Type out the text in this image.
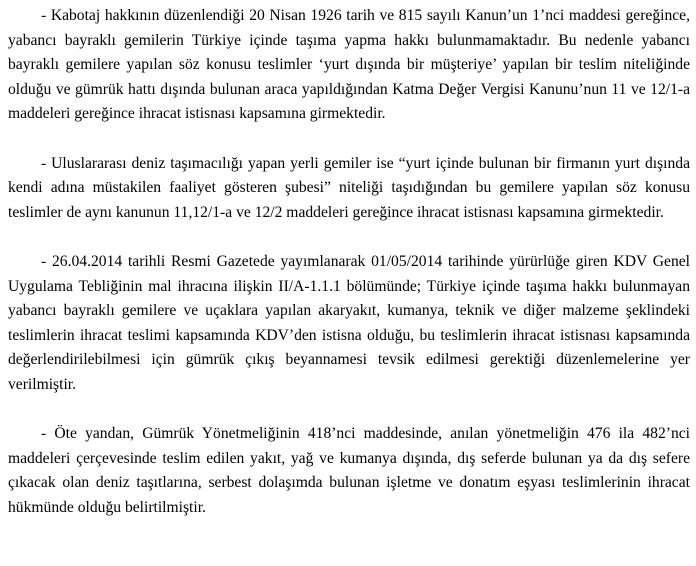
- Kabotaj hakkının düzenlendiği 20 Nisan 1926 tarih ve 815 sayılı Kanun’un 1’nci maddesi gereğince, yabancı bayraklı gemilerin Türkiye içinde taşıma yapma hakkı bulunmamaktadır. Bu nedenle yabancı bayraklı gemilere yapılan söz konusu teslimler ‘yurt dışında bir müşteriye’ yapılan bir teslim niteliğinde olduğu ve gümrük hattı dışında bulunan araca yapıldığından Katma Değer Vergisi Kanunu’nun 11 ve 12/1-a maddeleri gereğince ihracat istisnası kapsamına girmektedir.

- Uluslararası deniz taşımacılığı yapan yerli gemiler ise “yurt içinde bulunan bir firmanın yurt dışında kendi adına müstakilen faaliyet gösteren şubesi” niteliği taşıdığından bu gemilere yapılan söz konusu teslimler de aynı kanunun 11,12/1-a ve 12/2 maddeleri gereğince ihracat istisnası kapsamına girmektedir.

- 26.04.2014 tarihli Resmi Gazetede yayımlanarak 01/05/2014 tarihinde yürürlüğe giren KDV Genel Uygulama Tebliğinin mal ihracına ilişkin II/A-1.1.1 bölümünde; Türkiye içinde taşıma hakkı bulunmayan yabancı bayraklı gemilere ve uçaklara yapılan akaryakıt, kumanya, teknik ve diğer malzeme şeklindeki teslimlerin ihracat teslimi kapsamında KDV’den istisna olduğu, bu teslimlerin ihracat istisnası kapsamında değerlendirilebilmesi için gümrük çıkış beyannamesi tevsik edilmesi gerektiği düzenlemelerine yer verilmiştir.

- Öte yandan, Gümrük Yönetmeliğinin 418’nci maddesinde, anılan yönetmeliğin 476 ila 482’nci maddeleri çerçevesinde teslim edilen yakıt, yağ ve kumanya dışında, dış seferde bulunan ya da dış sefere çıkacak olan deniz taşıtlarına, serbest dolaşımda bulunan işletme ve donatım eşyası teslimlerinin ihracat hükmünde olduğu belirtilmiştir.
